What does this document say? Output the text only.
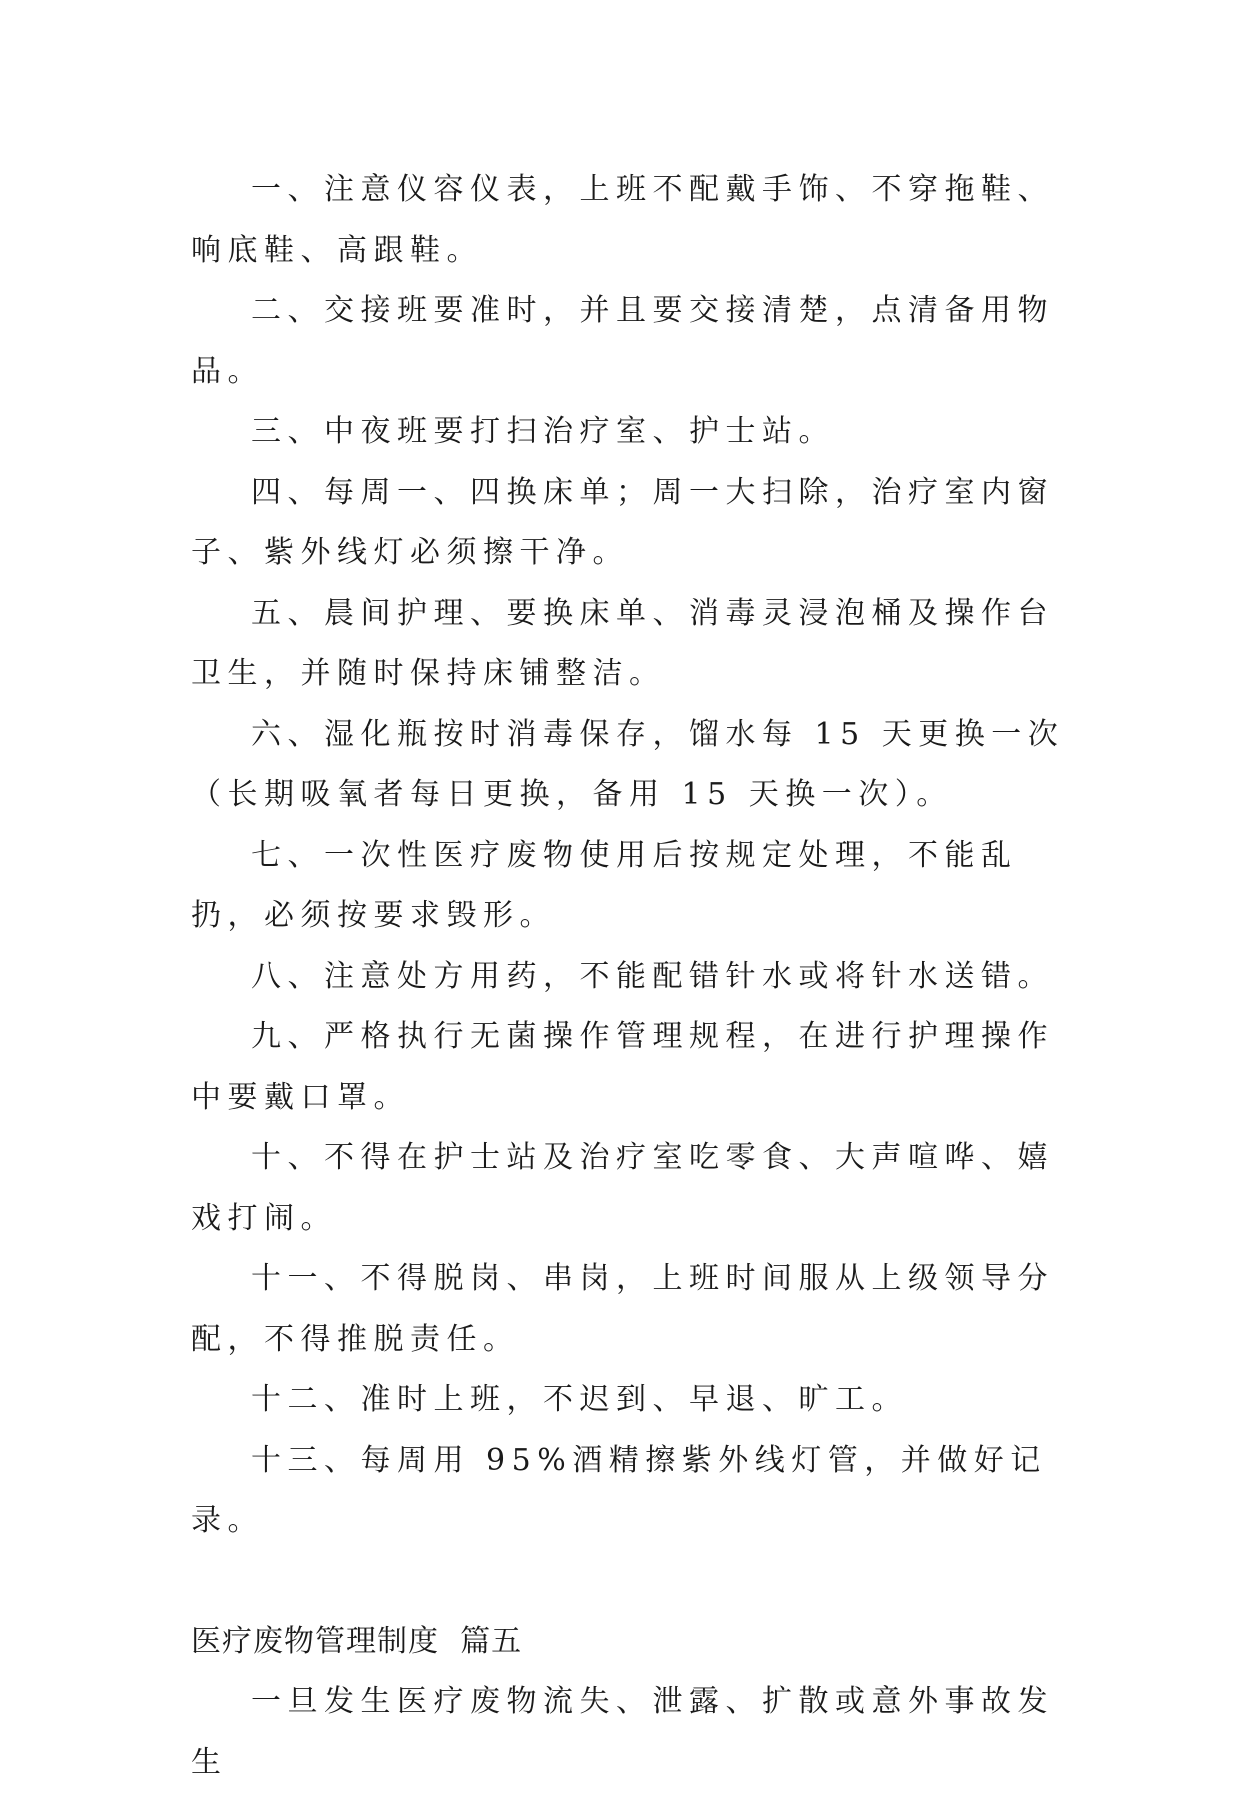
一、注意仪容仪表，上班不配戴手饰、不穿拖鞋、响底鞋、高跟鞋。

二、交接班要准时，并且要交接清楚，点清备用物品。

三、中夜班要打扫治疗室、护士站。

四、每周一、四换床单；周一大扫除，治疗室内窗子、紫外线灯必须擦干净。

五、晨间护理、要换床单、消毒灵浸泡桶及操作台卫生，并随时保持床铺整洁。

六、湿化瓶按时消毒保存，馏水每 15 天更换一次（长期吸氧者每日更换，备用 15 天换一次）。

七、一次性医疗废物使用后按规定处理，不能乱扔，必须按要求毁形。

八、注意处方用药，不能配错针水或将针水送错。

九、严格执行无菌操作管理规程，在进行护理操作中要戴口罩。

十、不得在护士站及治疗室吃零食、大声喧哗、嬉戏打闹。

十一、不得脱岗、串岗，上班时间服从上级领导分配，不得推脱责任。

十二、准时上班，不迟到、早退、旷工。

十三、每周用 95%酒精擦紫外线灯管，并做好记录。

医疗废物管理制度  篇五

一旦发生医疗废物流失、泄露、扩散或意外事故发生
